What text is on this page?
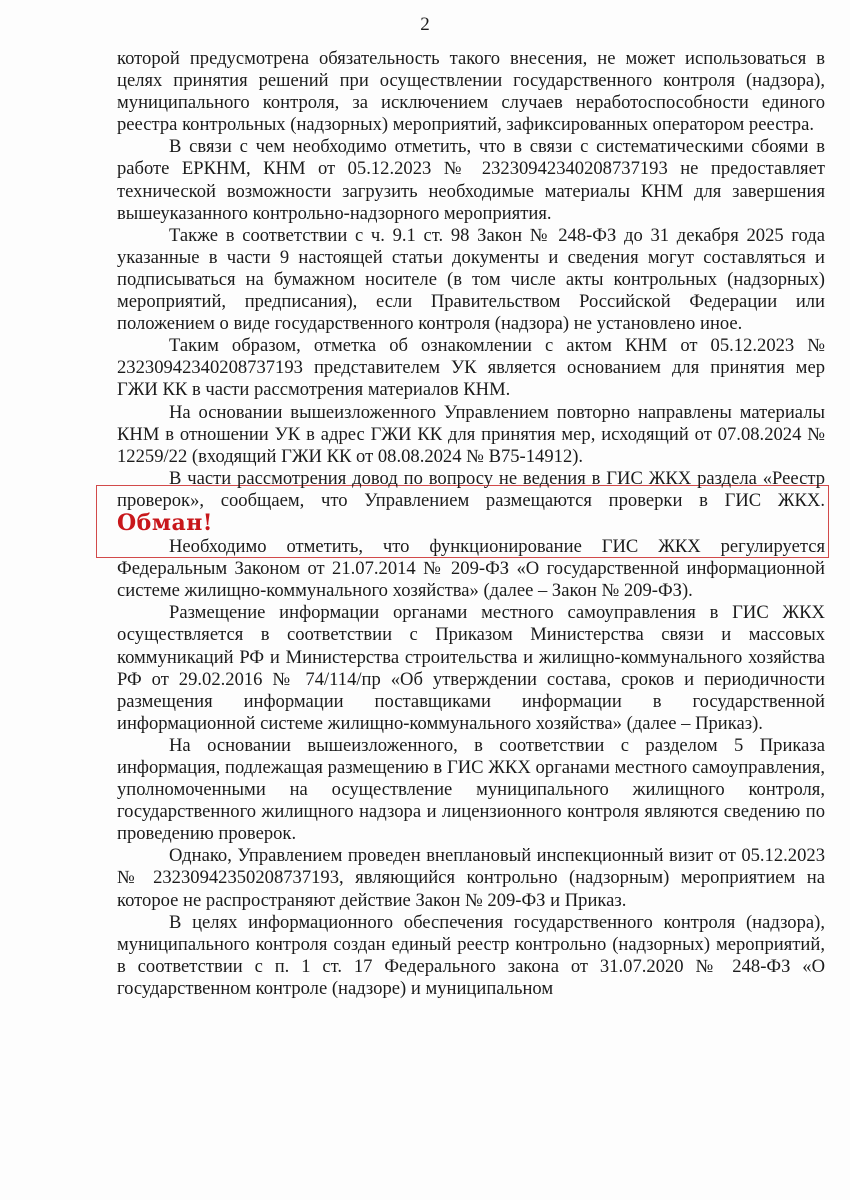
2

которой предусмотрена обязательность такого внесения, не может использоваться в целях принятия решений при осуществлении государственного контроля (надзора), муниципального контроля, за исключением случаев неработоспособности единого реестра контрольных (надзорных) мероприятий, зафиксированных оператором реестра.

В связи с чем необходимо отметить, что в связи с систематическими сбоями в работе ЕРКНМ, КНМ от 05.12.2023 № 23230942340208737193 не предоставляет технической возможности загрузить необходимые материалы КНМ для завершения вышеуказанного контрольно-надзорного мероприятия.

Также в соответствии с ч. 9.1 ст. 98 Закон № 248-ФЗ до 31 декабря 2025 года указанные в части 9 настоящей статьи документы и сведения могут составляться и подписываться на бумажном носителе (в том числе акты контрольных (надзорных) мероприятий, предписания), если Правительством Российской Федерации или положением о виде государственного контроля (надзора) не установлено иное.

Таким образом, отметка об ознакомлении с актом КНМ от 05.12.2023 № 23230942340208737193 представителем УК является основанием для принятия мер ГЖИ КК в части рассмотрения материалов КНМ.

На основании вышеизложенного Управлением повторно направлены материалы КНМ в отношении УК в адрес ГЖИ КК для принятия мер, исходящий от 07.08.2024 № 12259/22 (входящий ГЖИ КК от 08.08.2024 № В75-14912).

В части рассмотрения довод по вопросу не ведения в ГИС ЖКХ раздела «Реестр проверок», сообщаем, что Управлением размещаются проверки в ГИС ЖКХ. Обман!

Необходимо отметить, что функционирование ГИС ЖКХ регулируется Федеральным Законом от 21.07.2014 № 209-ФЗ «О государственной информационной системе жилищно-коммунального хозяйства» (далее – Закон № 209-ФЗ).

Размещение информации органами местного самоуправления в ГИС ЖКХ осуществляется в соответствии с Приказом Министерства связи и массовых коммуникаций РФ и Министерства строительства и жилищно-коммунального хозяйства РФ от 29.02.2016 № 74/114/пр «Об утверждении состава, сроков и периодичности размещения информации поставщиками информации в государственной информационной системе жилищно-коммунального хозяйства» (далее – Приказ).

На основании вышеизложенного, в соответствии с разделом 5 Приказа информация, подлежащая размещению в ГИС ЖКХ органами местного самоуправления, уполномоченными на осуществление муниципального жилищного контроля, государственного жилищного надзора и лицензионного контроля являются сведению по проведению проверок.

Однако, Управлением проведен внеплановый инспекционный визит от 05.12.2023 № 23230942350208737193, являющийся контрольно (надзорным) мероприятием на которое не распространяют действие Закон № 209-ФЗ и Приказ.

В целях информационного обеспечения государственного контроля (надзора), муниципального контроля создан единый реестр контрольно (надзорных) мероприятий, в соответствии с п. 1 ст. 17 Федерального закона от 31.07.2020 № 248-ФЗ «О государственном контроле (надзоре) и муниципальном
